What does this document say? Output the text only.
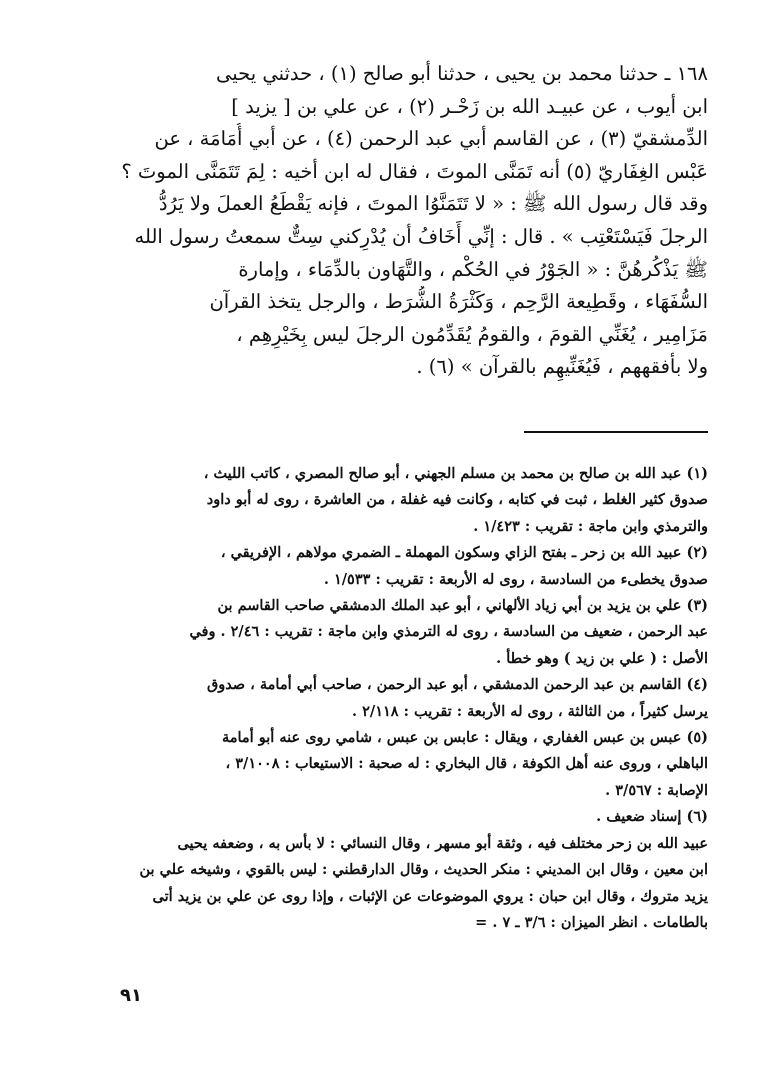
١٦٨ ـ حدثنا محمد بن يحيى ، حدثنا أبو صالح (١) ، حدثني يحيى
ابن أيوب ، عن عبيـد الله بن زَحْـر (٢) ، عن علي بن [ يزيد ]
الدِّمشقيّ (٣) ، عن القاسم أبي عبد الرحمن (٤) ، عن أبي أُمَامَة ، عن
عَبْس الغِفَاريّ (٥) أنه تَمَنَّى الموتَ ، فقال له ابن أخيه : لِمَ تَتَمَنَّى الموتَ ؟
وقد قال رسول الله ﷺ : « لا تَتَمَنَّوُا الموتَ ، فإنه يَقْطَعُ العملَ ولا يَرُدُّ
الرجلَ فَيَسْتَعْتِب » . قال : إنِّي أَخَافُ أن يُدْرِكني سِتٌّ سمعتُ رسول الله
ﷺ يَذْكُرهُنَّ : « الجَوْرُ في الحُكْم ، والتَّهَاون بالدِّمَاء ، وإمارة
السُّفَهَاء ، وقَطِيعة الرَّحِم ، وَكَثْرَةُ الشُّرَط ، والرجل يتخذ القرآن
مَزَامِير ، يُغَنِّي القومَ ، والقومُ يُقَدِّمُون الرجلَ ليس بِخَيْرِهِم ،
ولا بأفقههم ، فَيُغَنِّيهِم بالقرآن » (٦) .
(١) عبد الله بن صالح بن محمد بن مسلم الجهني ، أبو صالح المصري ، كاتب الليث ،
صدوق كثير الغلط ، ثبت في كتابه ، وكانت فيه غفلة ، من العاشرة ، روى له أبو داود
والترمذي وابن ماجة : تقريب : ١/٤٢٣ .
(٢) عبيد الله بن زحر ـ بفتح الزاي وسكون المهملة ـ الضمري مولاهم ، الإفريقي ،
صدوق يخطىء من السادسة ، روى له الأربعة : تقريب : ١/٥٣٣ .
(٣) علي بن يزيد بن أبي زياد الألهاني ، أبو عبد الملك الدمشقي صاحب القاسم بن
عبد الرحمن ، ضعيف من السادسة ، روى له الترمذي وابن ماجة : تقريب : ٢/٤٦ . وفي
الأصل : ( علي بن زيد ) وهو خطأ .
(٤) القاسم بن عبد الرحمن الدمشقي ، أبو عبد الرحمن ، صاحب أبي أمامة ، صدوق
يرسل كثيراً ، من الثالثة ، روى له الأربعة : تقريب : ٢/١١٨ .
(٥) عبس بن عبس الغفاري ، ويقال : عابس بن عبس ، شامي روى عنه أبو أمامة
الباهلي ، وروى عنه أهل الكوفة ، قال البخاري : له صحبة : الاستيعاب : ٣/١٠٠٨ ،
الإصابة : ٣/٥٦٧ .
(٦) إسناد ضعيف .
عبيد الله بن زحر مختلف فيه ، وثقة أبو مسهر ، وقال النسائي : لا بأس به ، وضعفه يحيى
ابن معين ، وقال ابن المديني : منكر الحديث ، وقال الدارقطني : ليس بالقوي ، وشيخه علي بن
يزيد متروك ، وقال ابن حبان : يروي الموضوعات عن الإثبات ، وإذا روى عن علي بن يزيد أتى
بالطامات . انظر الميزان : ٣/٦ ـ ٧ . =
٩١
